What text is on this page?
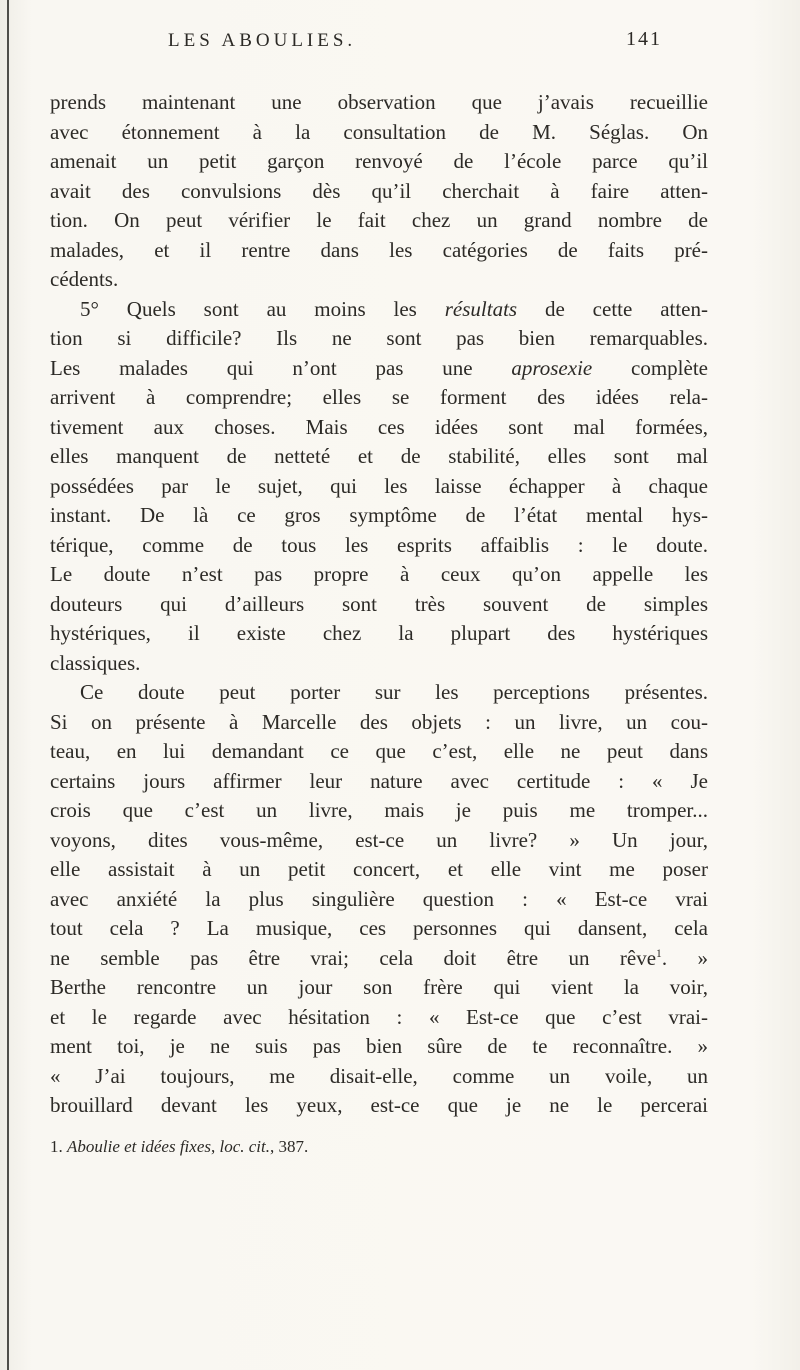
LES ABOULIES.	141
prends maintenant une observation que j’avais recueillie
avec étonnement à la consultation de M. Séglas. On
amenait un petit garçon renvoyé de l’école parce qu’il
avait des convulsions dès qu’il cherchait à faire atten-
tion. On peut vérifier le fait chez un grand nombre de
malades, et il rentre dans les catégories de faits pré-
cédents.
5° Quels sont au moins les résultats de cette atten-
tion si difficile? Ils ne sont pas bien remarquables.
Les malades qui n’ont pas une aprosexie complète
arrivent à comprendre; elles se forment des idées rela-
tivement aux choses. Mais ces idées sont mal formées,
elles manquent de netteté et de stabilité, elles sont mal
possédées par le sujet, qui les laisse échapper à chaque
instant. De là ce gros symptôme de l’état mental hys-
térique, comme de tous les esprits affaiblis : le doute.
Le doute n’est pas propre à ceux qu’on appelle les
douteurs qui d’ailleurs sont très souvent de simples
hystériques, il existe chez la plupart des hystériques
classiques.
Ce doute peut porter sur les perceptions présentes.
Si on présente à Marcelle des objets : un livre, un cou-
teau, en lui demandant ce que c’est, elle ne peut dans
certains jours affirmer leur nature avec certitude : « Je
crois que c’est un livre, mais je puis me tromper...
voyons, dites vous-même, est-ce un livre? » Un jour,
elle assistait à un petit concert, et elle vint me poser
avec anxiété la plus singulière question : « Est-ce vrai
tout cela ? La musique, ces personnes qui dansent, cela
ne semble pas être vrai; cela doit être un rêve$^1$. »
Berthe rencontre un jour son frère qui vient la voir,
et le regarde avec hésitation : « Est-ce que c’est vrai-
ment toi, je ne suis pas bien sûre de te reconnaître. »
« J’ai toujours, me disait-elle, comme un voile, un
brouillard devant les yeux, est-ce que je ne le percerai
1. Aboulie et idées fixes, loc. cit., 387.
